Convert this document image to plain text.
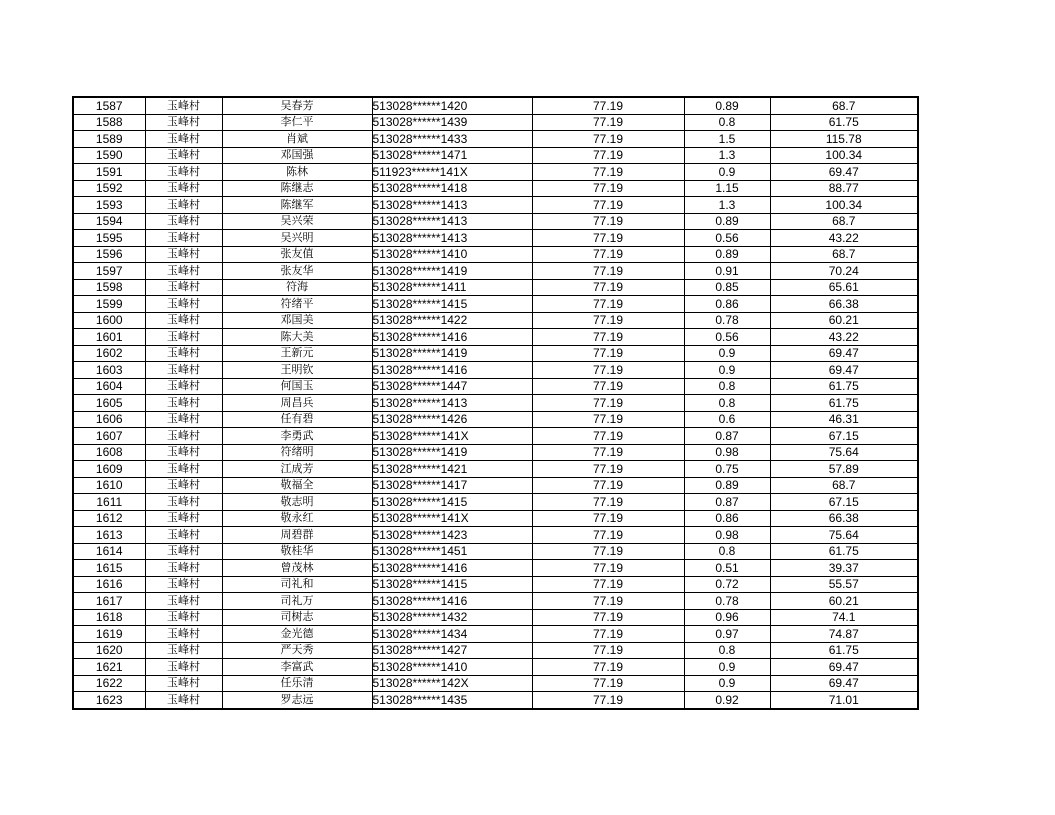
1587	玉峰村	吴春芳	513028******1420	77.19	0.89	68.7
1588	玉峰村	李仁平	513028******1439	77.19	0.8	61.75
1589	玉峰村	肖斌	513028******1433	77.19	1.5	115.78
1590	玉峰村	邓国强	513028******1471	77.19	1.3	100.34
1591	玉峰村	陈林	511923******141X	77.19	0.9	69.47
1592	玉峰村	陈继志	513028******1418	77.19	1.15	88.77
1593	玉峰村	陈继军	513028******1413	77.19	1.3	100.34
1594	玉峰村	吴兴荣	513028******1413	77.19	0.89	68.7
1595	玉峰村	吴兴明	513028******1413	77.19	0.56	43.22
1596	玉峰村	张友值	513028******1410	77.19	0.89	68.7
1597	玉峰村	张友华	513028******1419	77.19	0.91	70.24
1598	玉峰村	符海	513028******1411	77.19	0.85	65.61
1599	玉峰村	符绪平	513028******1415	77.19	0.86	66.38
1600	玉峰村	邓国美	513028******1422	77.19	0.78	60.21
1601	玉峰村	陈大美	513028******1416	77.19	0.56	43.22
1602	玉峰村	王新元	513028******1419	77.19	0.9	69.47
1603	玉峰村	王明钦	513028******1416	77.19	0.9	69.47
1604	玉峰村	何国玉	513028******1447	77.19	0.8	61.75
1605	玉峰村	周昌兵	513028******1413	77.19	0.8	61.75
1606	玉峰村	任有碧	513028******1426	77.19	0.6	46.31
1607	玉峰村	李勇武	513028******141X	77.19	0.87	67.15
1608	玉峰村	符绪明	513028******1419	77.19	0.98	75.64
1609	玉峰村	江成芳	513028******1421	77.19	0.75	57.89
1610	玉峰村	敬福全	513028******1417	77.19	0.89	68.7
1611	玉峰村	敬志明	513028******1415	77.19	0.87	67.15
1612	玉峰村	敬永红	513028******141X	77.19	0.86	66.38
1613	玉峰村	周碧群	513028******1423	77.19	0.98	75.64
1614	玉峰村	敬桂华	513028******1451	77.19	0.8	61.75
1615	玉峰村	曾茂林	513028******1416	77.19	0.51	39.37
1616	玉峰村	司礼和	513028******1415	77.19	0.72	55.57
1617	玉峰村	司礼万	513028******1416	77.19	0.78	60.21
1618	玉峰村	司树志	513028******1432	77.19	0.96	74.1
1619	玉峰村	金光德	513028******1434	77.19	0.97	74.87
1620	玉峰村	严天秀	513028******1427	77.19	0.8	61.75
1621	玉峰村	李富武	513028******1410	77.19	0.9	69.47
1622	玉峰村	任乐清	513028******142X	77.19	0.9	69.47
1623	玉峰村	罗志远	513028******1435	77.19	0.92	71.01
